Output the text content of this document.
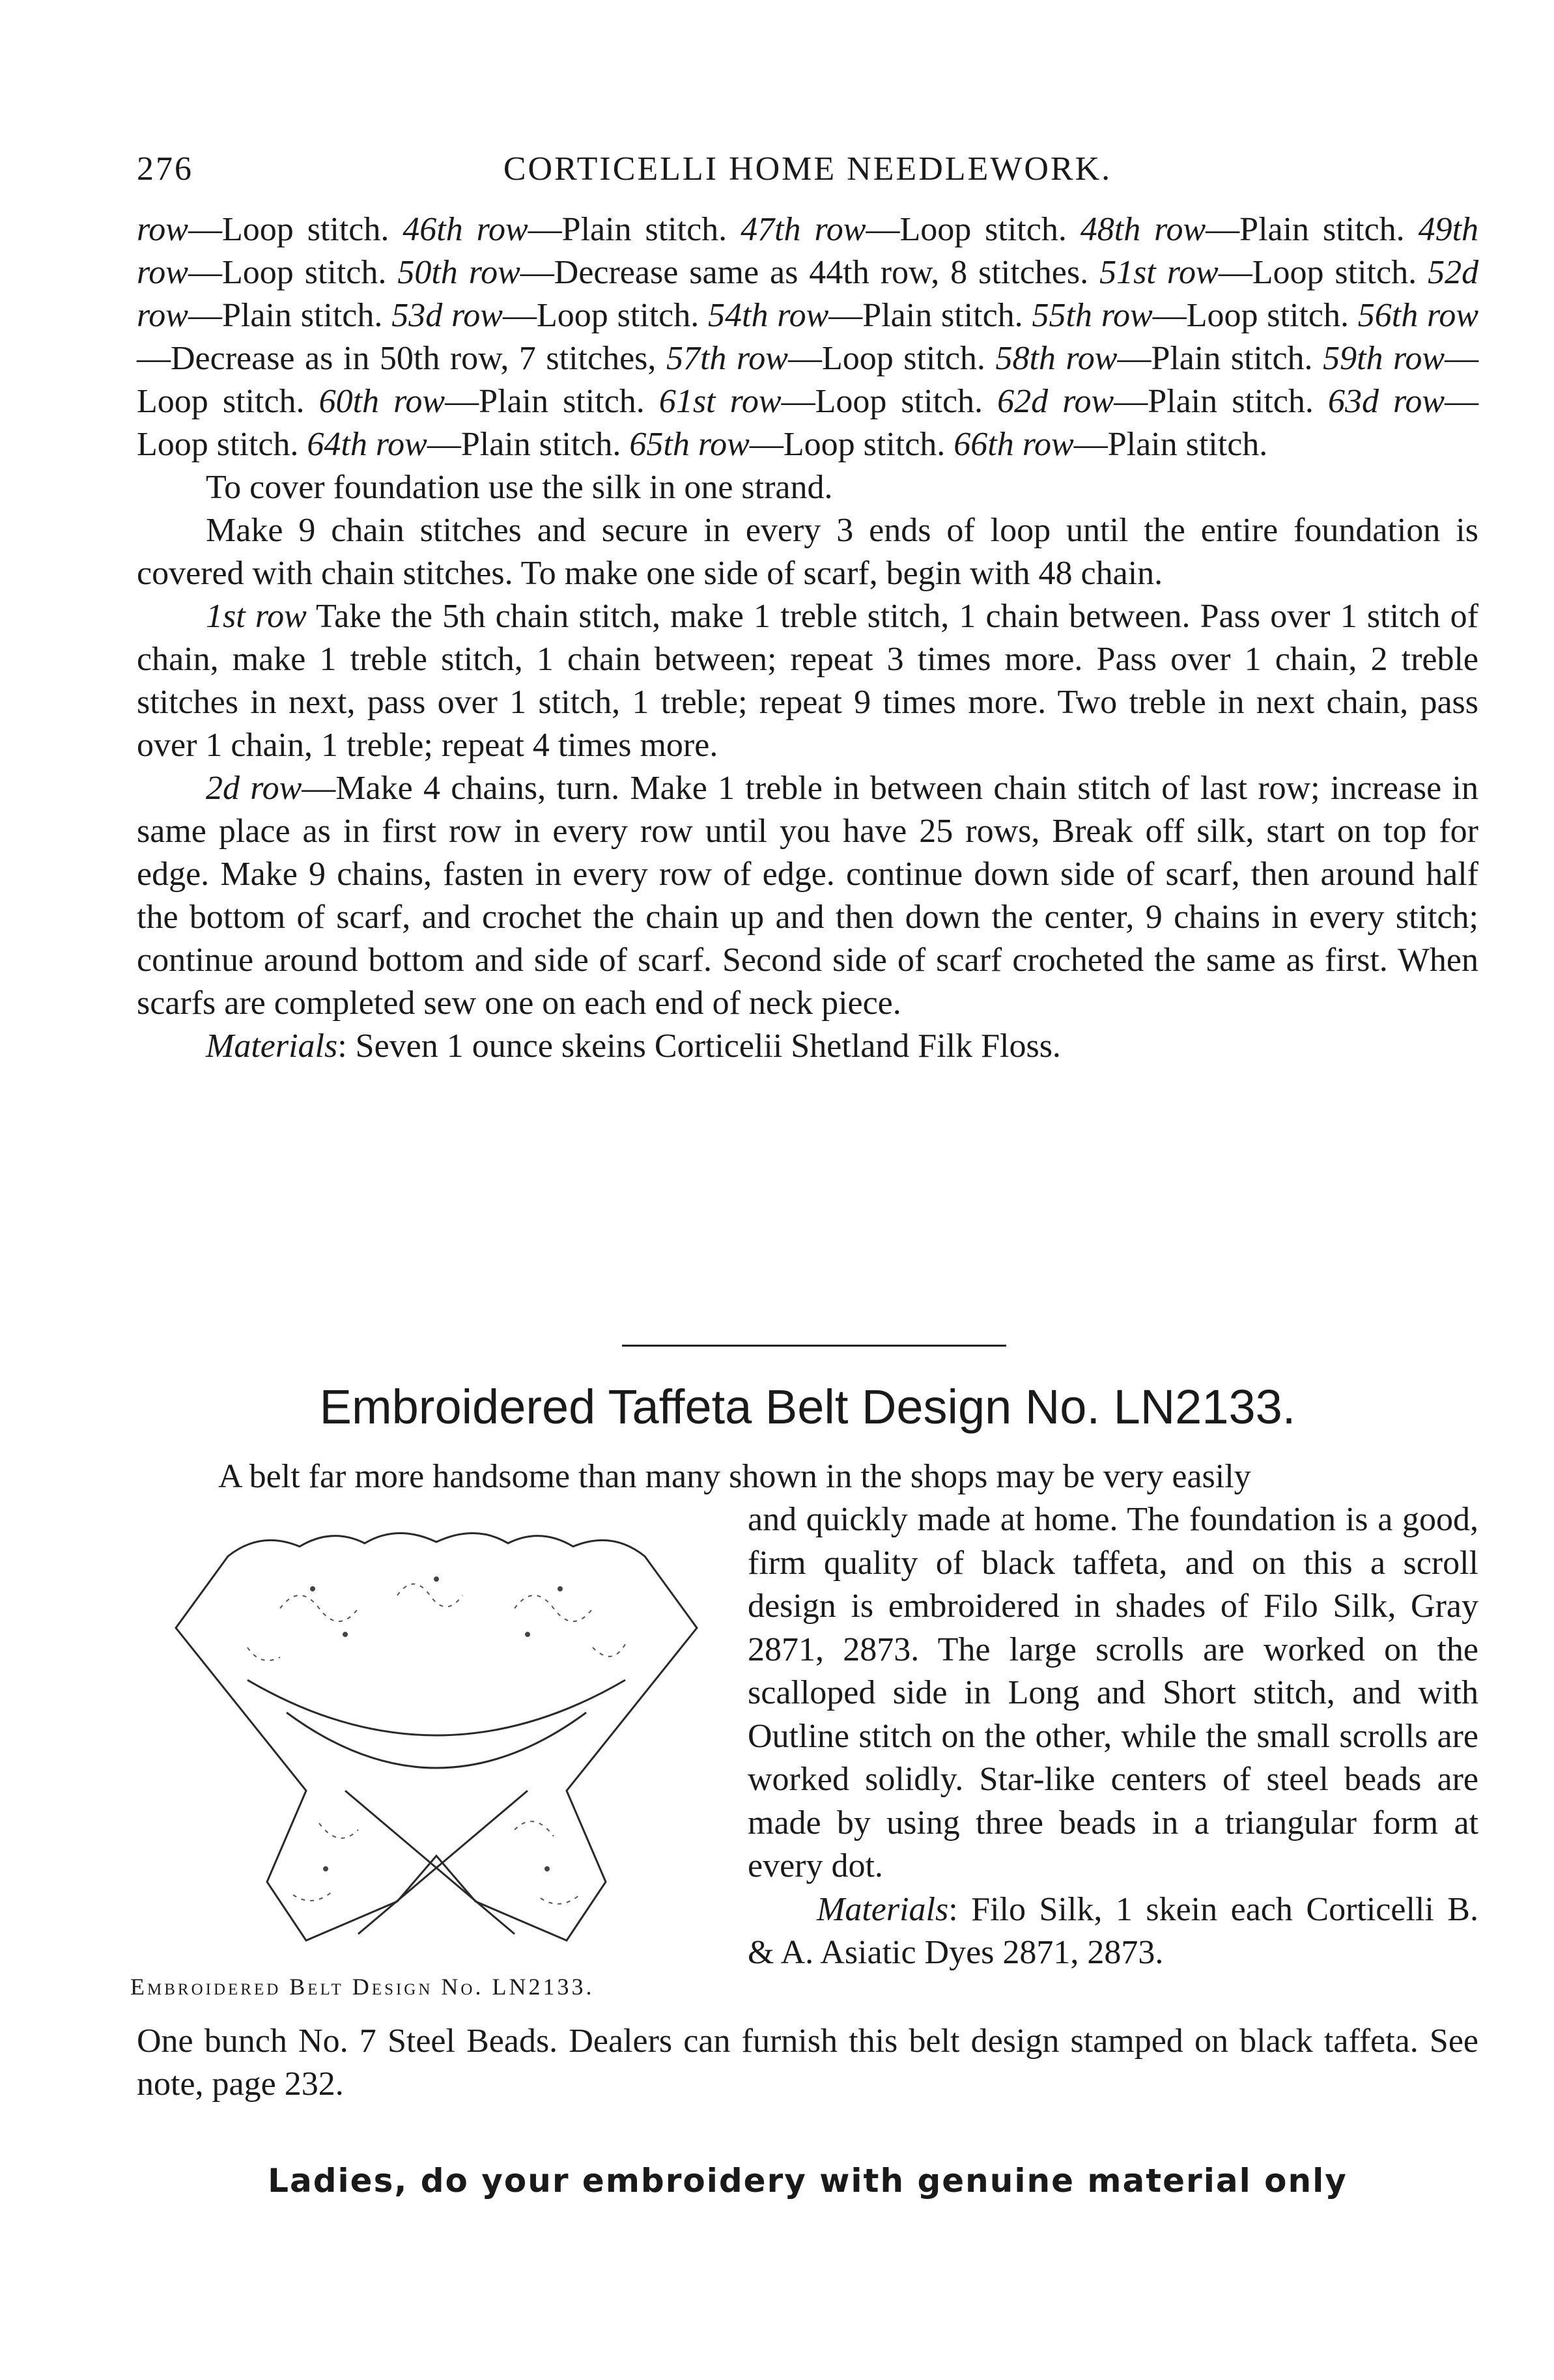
276	CORTICELLI HOME NEEDLEWORK.

row—Loop stitch. 46th row—Plain stitch. 47th row—Loop stitch. 48th row—Plain stitch. 49th row—Loop stitch. 50th row—Decrease same as 44th row, 8 stitches. 51st row—Loop stitch. 52d row—Plain stitch. 53d row—Loop stitch. 54th row—Plain stitch. 55th row—Loop stitch. 56th row—Decrease as in 50th row, 7 stitches, 57th row—Loop stitch. 58th row—Plain stitch. 59th row—Loop stitch. 60th row—Plain stitch. 61st row—Loop stitch. 62d row—Plain stitch. 63d row—Loop stitch. 64th row—Plain stitch. 65th row—Loop stitch. 66th row—Plain stitch.

To cover foundation use the silk in one strand.

Make 9 chain stitches and secure in every 3 ends of loop until the entire foundation is covered with chain stitches. To make one side of scarf, begin with 48 chain.

1st row Take the 5th chain stitch, make 1 treble stitch, 1 chain between. Pass over 1 stitch of chain, make 1 treble stitch, 1 chain between; repeat 3 times more. Pass over 1 chain, 2 treble stitches in next, pass over 1 stitch, 1 treble; repeat 9 times more. Two treble in next chain, pass over 1 chain, 1 treble; repeat 4 times more.

2d row—Make 4 chains, turn. Make 1 treble in between chain stitch of last row; increase in same place as in first row in every row until you have 25 rows, Break off silk, start on top for edge. Make 9 chains, fasten in every row of edge. continue down side of scarf, then around half the bottom of scarf, and crochet the chain up and then down the center, 9 chains in every stitch; continue around bottom and side of scarf. Second side of scarf crocheted the same as first. When scarfs are completed sew one on each end of neck piece.

Materials: Seven 1 ounce skeins Corticelii Shetland Filk Floss.

Embroidered Taffeta Belt Design No. LN2133.
A belt far more handsome than many shown in the shops may be very easily
Embroidered Belt Design No. LN2133.

and quickly made at home. The foundation is a good, firm quality of black taffeta, and on this a scroll design is embroidered in shades of Filo Silk, Gray 2871, 2873. The large scrolls are worked on the scalloped side in Long and Short stitch, and with Outline stitch on the other, while the small scrolls are worked solidly. Star-like centers of steel beads are made by using three beads in a triangular form at every dot.

Materials: Filo Silk, 1 skein each Corticelli B. & A. Asiatic Dyes 2871, 2873.

One bunch No. 7 Steel Beads. Dealers can furnish this belt design stamped on black taffeta. See note, page 232.

Ladies, do your embroidery with genuine material only
